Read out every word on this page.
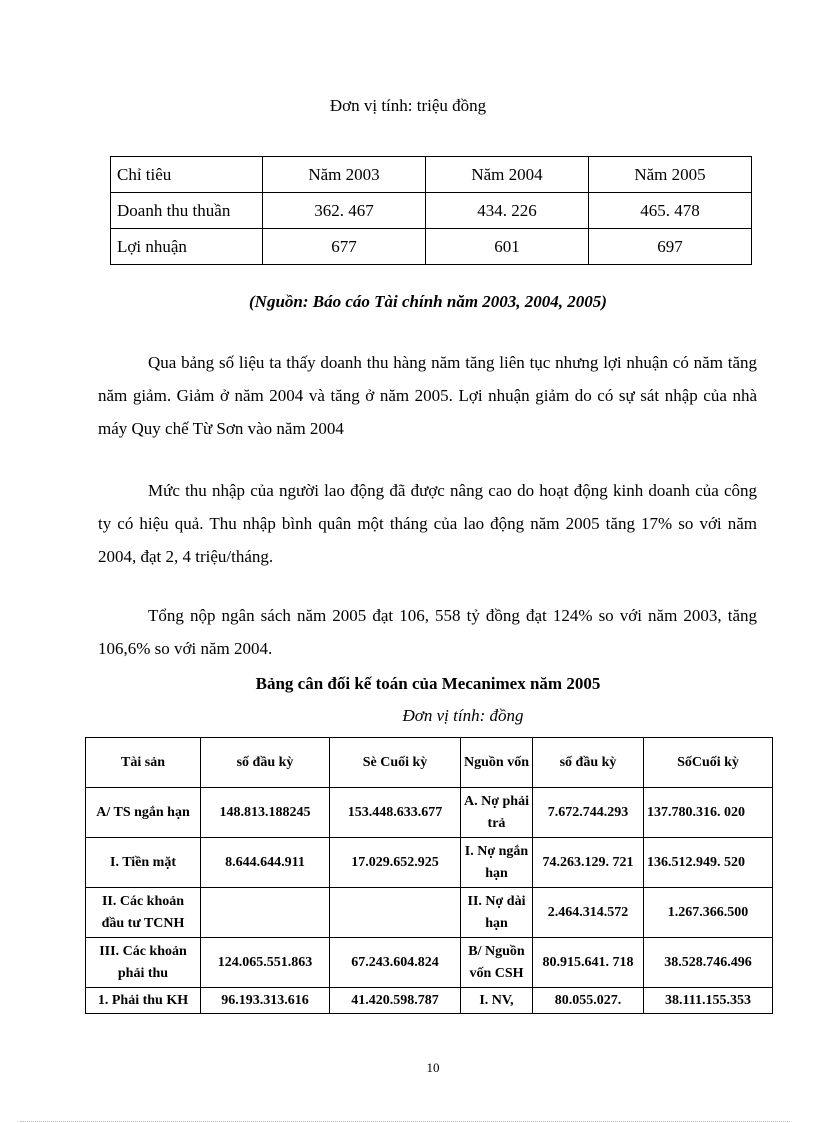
Đơn vị tính: triệu đồng
Chỉ tiêu	Năm 2003	Năm 2004	Năm 2005
Doanh thu thuần	362. 467	434. 226	465. 478
Lợi nhuận	677	601	697
(Nguồn: Báo cáo Tài chính năm 2003, 2004, 2005)
Qua bảng số liệu ta thấy doanh thu hàng năm tăng liên tục nhưng lợi nhuận có năm tăng năm giảm. Giảm ở năm 2004 và tăng ở năm 2005. Lợi nhuận giảm do có sự sát nhập của nhà máy Quy chế Từ Sơn vào năm 2004
Mức thu nhập của người lao động đã được nâng cao do hoạt động kinh doanh của công ty có hiệu quả. Thu nhập bình quân một tháng của lao động năm 2005 tăng 17% so với năm 2004, đạt 2, 4 triệu/tháng.
Tổng nộp ngân sách năm 2005 đạt 106, 558 tỷ đồng đạt 124% so với năm 2003, tăng 106,6% so với năm 2004.
Bảng cân đối kế toán của Mecanimex năm 2005
Đơn vị tính: đồng
Tài sản	số đầu kỳ	Sè Cuối kỳ	Nguồn vốn	số đầu kỳ	SốCuối kỳ
A/ TS ngắn hạn	148.813.188245	153.448.633.677	A. Nợ phải trả	7.672.744.293	137.780.316. 020
I. Tiền mặt	8.644.644.911	17.029.652.925	I. Nợ ngắn hạn	74.263.129. 721	136.512.949. 520
II. Các khoản đầu tư TCNH			II. Nợ dài hạn	2.464.314.572	1.267.366.500
III. Các khoản phải thu	124.065.551.863	67.243.604.824	B/ Nguồn vốn CSH	80.915.641. 718	38.528.746.496
1. Phải thu KH	96.193.313.616	41.420.598.787	I. NV,	80.055.027.	38.111.155.353
10
